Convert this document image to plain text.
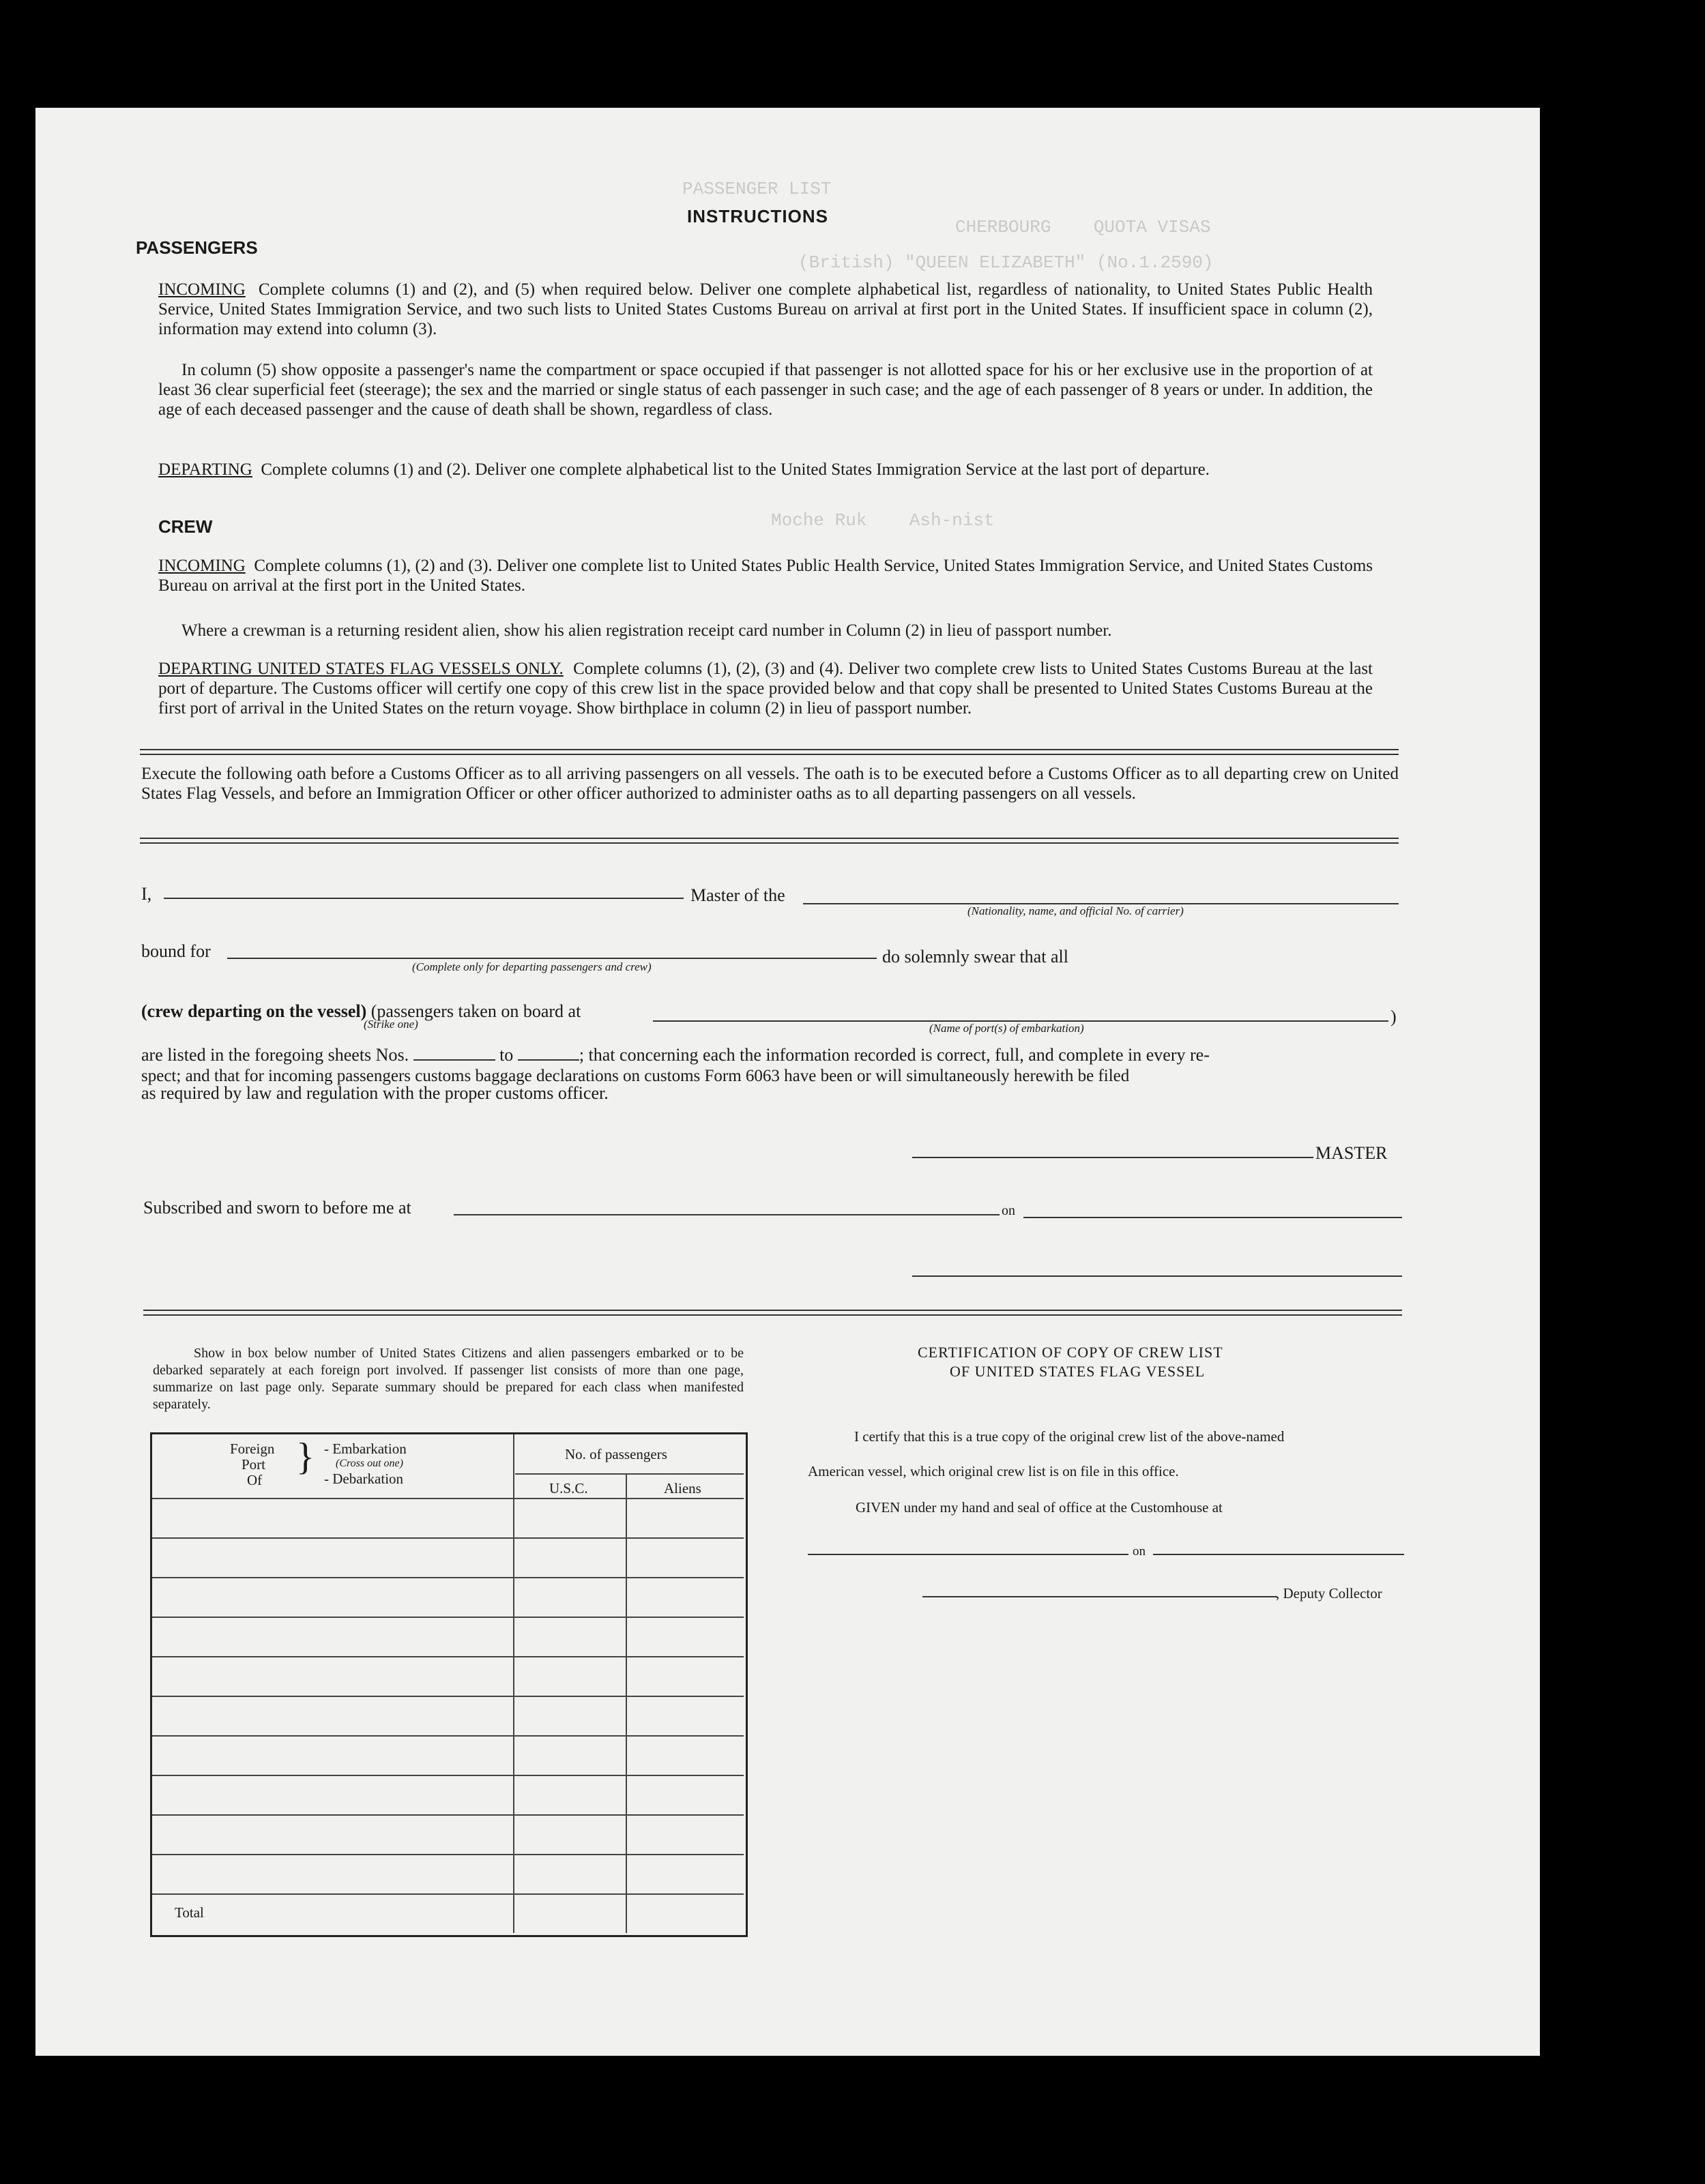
PASSENGER LIST
CHERBOURG    QUOTA VISAS
(British) "QUEEN ELIZABETH" (No.1.2590)
Moche Ruk    Ash-nist
INSTRUCTIONS
PASSENGERS
INCOMING Complete columns (1) and (2), and (5) when required below. Deliver one complete alphabetical list, regardless of nationality, to United States Public Health Service, United States Immigration Service, and two such lists to United States Customs Bureau on arrival at first port in the United States. If insufficient space in column (2), information may extend into column (3).
In column (5) show opposite a passenger's name the compartment or space occupied if that passenger is not allotted space for his or her exclusive use in the proportion of at least 36 clear superficial feet (steerage); the sex and the married or single status of each passenger in such case; and the age of each passenger of 8 years or under. In addition, the age of each deceased passenger and the cause of death shall be shown, regardless of class.
DEPARTING Complete columns (1) and (2). Deliver one complete alphabetical list to the United States Immigration Service at the last port of departure.
CREW
INCOMING Complete columns (1), (2) and (3). Deliver one complete list to United States Public Health Service, United States Immigration Service, and United States Customs Bureau on arrival at the first port in the United States.
Where a crewman is a returning resident alien, show his alien registration receipt card number in Column (2) in lieu of passport number.
DEPARTING UNITED STATES FLAG VESSELS ONLY. Complete columns (1), (2), (3) and (4). Deliver two complete crew lists to United States Customs Bureau at the last port of departure. The Customs officer will certify one copy of this crew list in the space provided below and that copy shall be presented to United States Customs Bureau at the first port of arrival in the United States on the return voyage. Show birthplace in column (2) in lieu of passport number.
Execute the following oath before a Customs Officer as to all arriving passengers on all vessels. The oath is to be executed before a Customs Officer as to all departing crew on United States Flag Vessels, and before an Immigration Officer or other officer authorized to administer oaths as to all departing passengers on all vessels.
I,	Master of the
(Nationality, name, and official No. of carrier)
bound for
(Complete only for departing passengers and crew)
do solemnly swear that all
(crew departing on the vessel) (passengers taken on board at
(Strike one)	)
(Name of port(s) of embarkation)
are listed in the foregoing sheets Nos.	to	; that concerning each the information recorded is correct, full, and complete in every re-
spect; and that for incoming passengers customs baggage declarations on customs Form 6063 have been or will simultaneously herewith be filed
as required by law and regulation with the proper customs officer.
MASTER
Subscribed and sworn to before me at	on
Show in box below number of United States Citizens and alien passengers embarked or to be debarked separately at each foreign port involved. If passenger list consists of more than one page, summarize on last page only. Separate summary should be prepared for each class when manifested separately.
Foreign
Port
Of
} - Embarkation
(Cross out one)
- Debarkation
No. of passengers
U.S.C.	Aliens
Total
CERTIFICATION OF COPY OF CREW LIST
OF UNITED STATES FLAG VESSEL
I certify that this is a true copy of the original crew list of the above-named
American vessel, which original crew list is on file in this office.
GIVEN under my hand and seal of office at the Customhouse at
on
, Deputy Collector
